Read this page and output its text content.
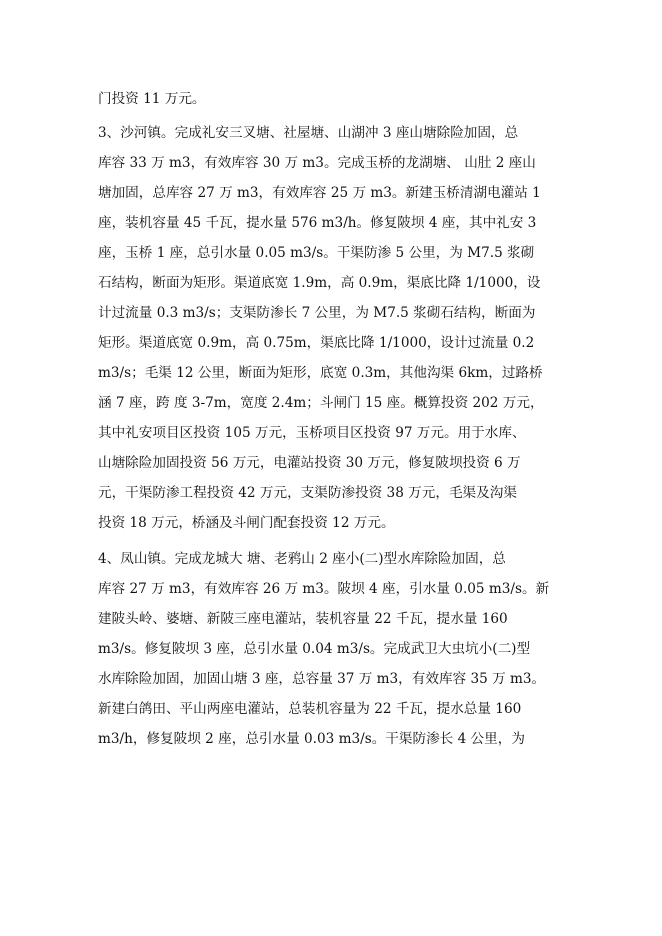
门投资 11 万元。
3、沙河镇。完成礼安三叉塘、社屋塘、山湖冲 3 座山塘除险加固，总
库容 33 万 m3，有效库容 30 万 m3。完成玉桥的龙湖塘、 山肚 2 座山
塘加固，总库容 27 万 m3，有效库容 25 万 m3。新建玉桥清湖电灌站 1
座，装机容量 45 千瓦，提水量 576 m3/h。修复陂坝 4 座，其中礼安 3
座，玉桥 1 座，总引水量 0.05 m3/s。干渠防渗 5 公里，为 M7.5 浆砌
石结构，断面为矩形。渠道底宽 1.9m，高 0.9m，渠底比降 1/1000，设
计过流量 0.3 m3/s；支渠防渗长 7 公里，为 M7.5 浆砌石结构，断面为
矩形。渠道底宽 0.9m，高 0.75m，渠底比降 1/1000，设计过流量 0.2
m3/s；毛渠 12 公里，断面为矩形，底宽 0.3m，其他沟渠 6km，过路桥
涵 7 座，跨 度 3-7m，宽度 2.4m；斗闸门 15 座。概算投资 202 万元，
其中礼安项目区投资 105 万元，玉桥项目区投资 97 万元。用于水库、
山塘除险加固投资 56 万元，电灌站投资 30 万元，修复陂坝投资 6 万
元，干渠防渗工程投资 42 万元，支渠防渗投资 38 万元，毛渠及沟渠
投资 18 万元，桥涵及斗闸门配套投资 12 万元。
4、凤山镇。完成龙城大 塘、老鸦山 2 座小(二)型水库除险加固，总
库容 27 万 m3，有效库容 26 万 m3。陂坝 4 座，引水量 0.05 m3/s。新
建陂头岭、婆塘、新陂三座电灌站，装机容量 22 千瓦，提水量 160
m3/s。修复陂坝 3 座，总引水量 0.04 m3/s。完成武卫大虫坑小(二)型
水库除险加固，加固山塘 3 座，总容量 37 万 m3，有效库容 35 万 m3。
新建白鸽田、平山两座电灌站，总装机容量为 22 千瓦，提水总量 160
m3/h，修复陂坝 2 座，总引水量 0.03 m3/s。干渠防渗长 4 公里，为
